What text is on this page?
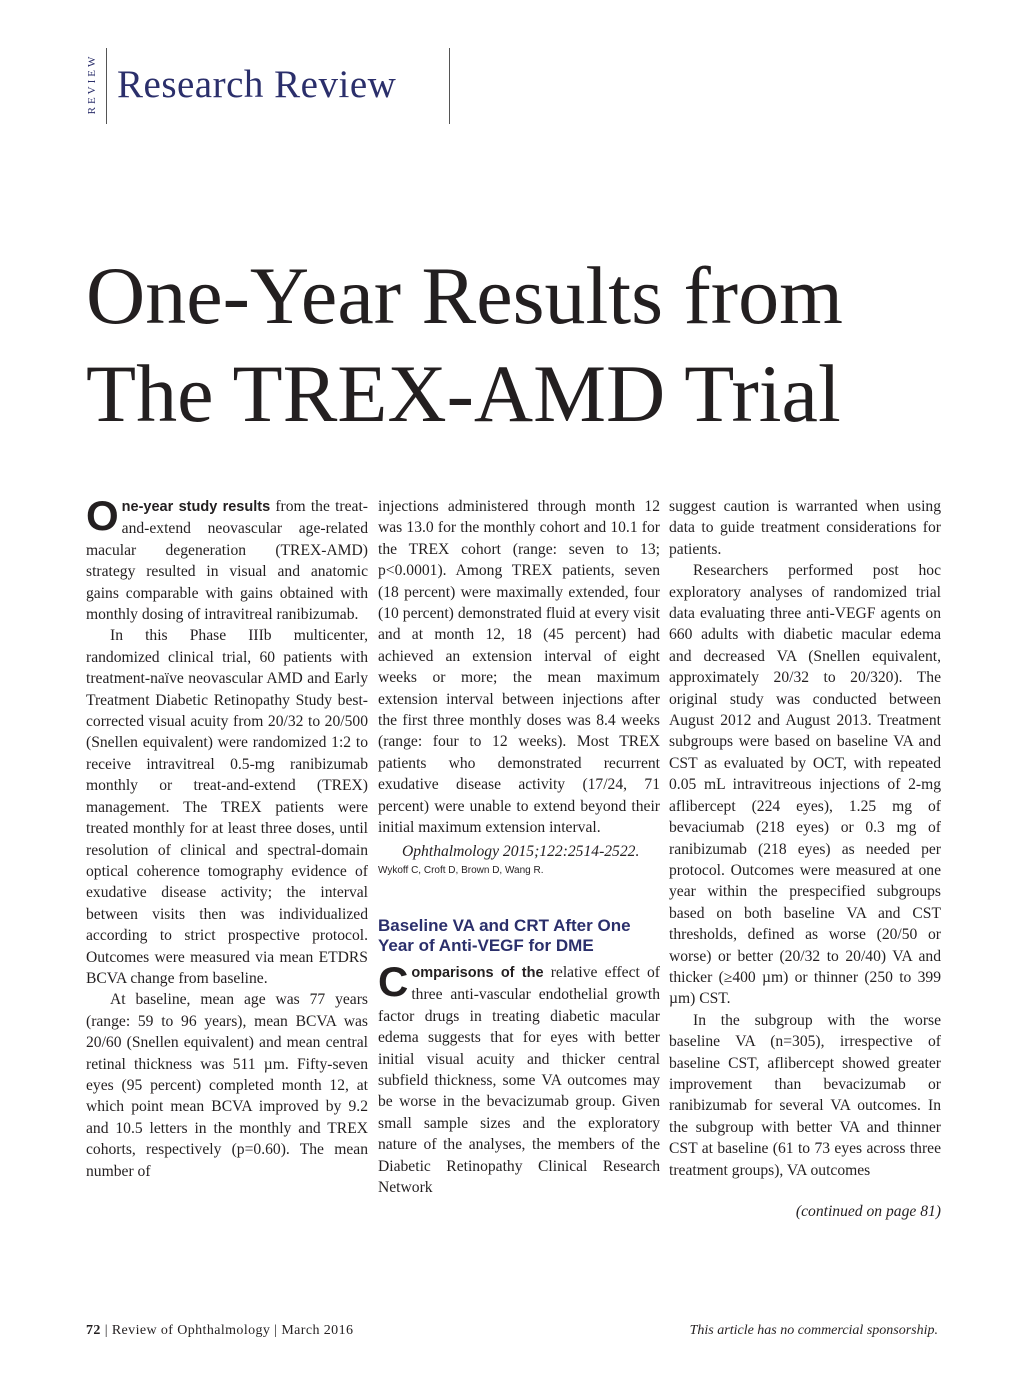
REVIEW Research Review
One-Year Results from
The TREX-AMD Trial

One-year study results from the treat-and-extend neovascular age-related macular degeneration (TREX-AMD) strategy resulted in visual and anatomic gains comparable with gains obtained with monthly dosing of intravitreal ranibizumab.

In this Phase IIIb multicenter, randomized clinical trial, 60 patients with treatment-naïve neovascular AMD and Early Treatment Diabetic Retinopathy Study best-corrected visual acuity from 20/32 to 20/500 (Snellen equivalent) were randomized 1:2 to receive intravitreal 0.5-mg ranibizumab monthly or treat-and-extend (TREX) management. The TREX patients were treated monthly for at least three doses, until resolution of clinical and spectral-domain optical coherence tomography evidence of exudative disease activity; the interval between visits then was individualized according to strict prospective protocol. Outcomes were measured via mean ETDRS BCVA change from baseline.

At baseline, mean age was 77 years (range: 59 to 96 years), mean BCVA was 20/60 (Snellen equivalent) and mean central retinal thickness was 511 µm. Fifty-seven eyes (95 percent) completed month 12, at which point mean BCVA improved by 9.2 and 10.5 letters in the monthly and TREX cohorts, respectively (p=0.60). The mean number of

injections administered through month 12 was 13.0 for the monthly cohort and 10.1 for the TREX cohort (range: seven to 13; p<0.0001). Among TREX patients, seven (18 percent) were maximally extended, four (10 percent) demonstrated fluid at every visit and at month 12, 18 (45 percent) had achieved an extension interval of eight weeks or more; the mean maximum extension interval between injections after the first three monthly doses was 8.4 weeks (range: four to 12 weeks). Most TREX patients who demonstrated recurrent exudative disease activity (17/24, 71 percent) were unable to extend beyond their initial maximum extension interval.

Ophthalmology 2015;122:2514-2522.

Wykoff C, Croft D, Brown D, Wang R.

Baseline VA and CRT After One Year of Anti-VEGF for DME

Comparisons of the relative effect of three anti-vascular endothelial growth factor drugs in treating diabetic macular edema suggests that for eyes with better initial visual acuity and thicker central subfield thickness, some VA outcomes may be worse in the bevacizumab group. Given small sample sizes and the exploratory nature of the analyses, the members of the Diabetic Retinopathy Clinical Research Network

suggest caution is warranted when using data to guide treatment considerations for patients.

Researchers performed post hoc exploratory analyses of randomized trial data evaluating three anti-VEGF agents on 660 adults with diabetic macular edema and decreased VA (Snellen equivalent, approximately 20/32 to 20/320). The original study was conducted between August 2012 and August 2013. Treatment subgroups were based on baseline VA and CST as evaluated by OCT, with repeated 0.05 mL intravitreous injections of 2-mg aflibercept (224 eyes), 1.25 mg of bevaciumab (218 eyes) or 0.3 mg of ranibizumab (218 eyes) as needed per protocol. Outcomes were measured at one year within the prespecified subgroups based on both baseline VA and CST thresholds, defined as worse (20/50 or worse) or better (20/32 to 20/40) VA and thicker (≥400 µm) or thinner (250 to 399 µm) CST.

In the subgroup with the worse baseline VA (n=305), irrespective of baseline CST, aflibercept showed greater improvement than bevacizumab or ranibizumab for several VA outcomes. In the subgroup with better VA and thinner CST at baseline (61 to 73 eyes across three treatment groups), VA outcomes

(continued on page 81)

72 | Review of Ophthalmology | March 2016	This article has no commercial sponsorship.
